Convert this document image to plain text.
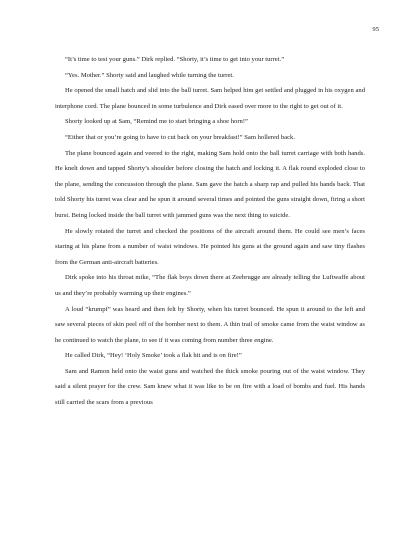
95

“It’s time to test your guns.” Dirk replied. “Shorty, it’s time to get into your turret.”

“Yes. Mother.” Shorty said and laughed while turning the turret.

He opened the small hatch and slid into the ball turret. Sam helped him get settled and plugged in his oxygen and interphone cord. The plane bounced in some turbulence and Dirk eased over more to the right to get out of it.

Shorty looked up at Sam, “Remind me to start bringing a shoe horn!”

“Either that or you’re going to have to cut back on your breakfast!” Sam hollered back.

The plane bounced again and veered to the right, making Sam hold onto the ball turret carriage with both hands. He knelt down and tapped Shorty’s shoulder before closing the hatch and locking it. A flak round exploded close to the plane, sending the concussion through the plane. Sam gave the hatch a sharp rap and pulled his hands back. That told Shorty his turret was clear and he spun it around several times and pointed the guns straight down, firing a short burst. Being locked inside the ball turret with jammed guns was the next thing to suicide.

He slowly rotated the turret and checked the positions of the aircraft around them. He could see men’s faces staring at his plane from a number of waist windows. He pointed his guns at the ground again and saw tiny flashes from the German anti-aircraft batteries.

Dirk spoke into his throat mike, “The flak boys down there at Zeebrugge are already telling the Luftwaffe about us and they’re probably warming up their engines.”

A loud “krumpf” was heard and then felt by Shorty, when his turret bounced. He spun it around to the left and saw several pieces of skin peel off of the bomber next to them. A thin trail of smoke came from the waist window as he continued to watch the plane, to see if it was coming from number three engine.

He called Dirk, “Hey! ‘Holy Smoke’ took a flak hit and is on fire!”

Sam and Ramon held onto the waist guns and watched the thick smoke pouring out of the waist window. They said a silent prayer for the crew. Sam knew what it was like to be on fire with a load of bombs and fuel. His hands still carried the scars from a previous
